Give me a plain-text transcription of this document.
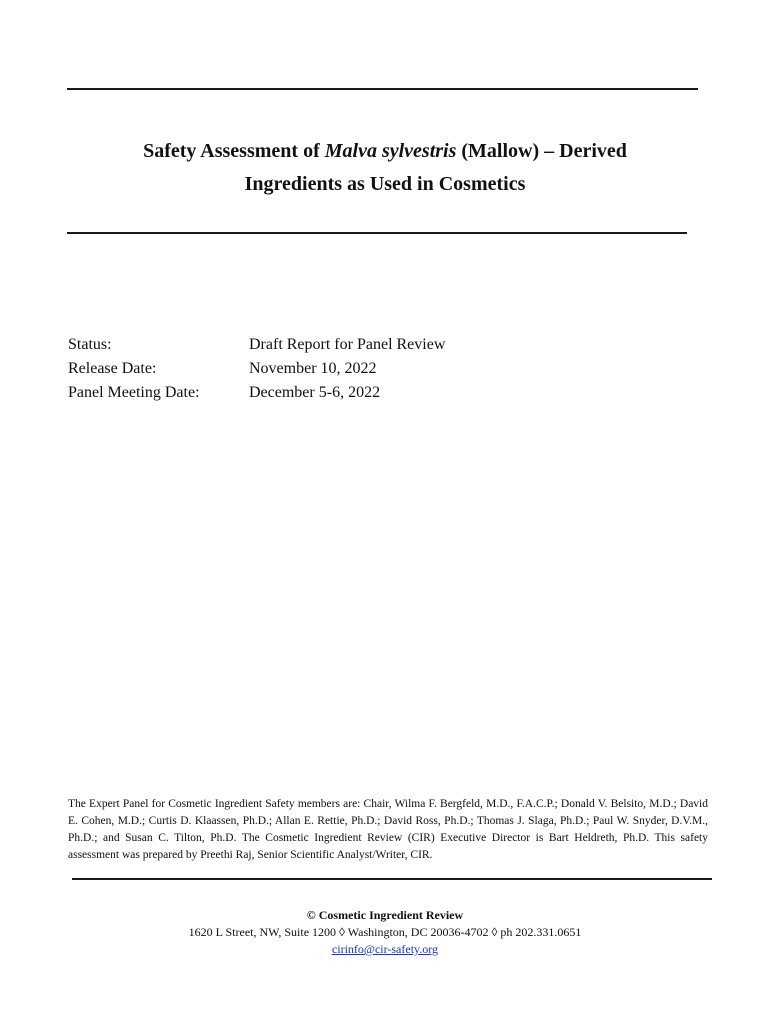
Safety Assessment of Malva sylvestris (Mallow) – Derived
Ingredients as Used in Cosmetics
Status:	Draft Report for Panel Review
Release Date:	November 10, 2022
Panel Meeting Date:	December 5-6, 2022
The Expert Panel for Cosmetic Ingredient Safety members are: Chair, Wilma F. Bergfeld, M.D., F.A.C.P.; Donald V. Belsito, M.D.; David E. Cohen, M.D.; Curtis D. Klaassen, Ph.D.; Allan E. Rettie, Ph.D.; David Ross, Ph.D.; Thomas J. Slaga, Ph.D.; Paul W. Snyder, D.V.M., Ph.D.; and Susan C. Tilton, Ph.D. The Cosmetic Ingredient Review (CIR) Executive Director is Bart Heldreth, Ph.D. This safety assessment was prepared by Preethi Raj, Senior Scientific Analyst/Writer, CIR.
© Cosmetic Ingredient Review
1620 L Street, NW, Suite 1200 ◊ Washington, DC 20036-4702 ◊ ph 202.331.0651
cirinfo@cir-safety.org
